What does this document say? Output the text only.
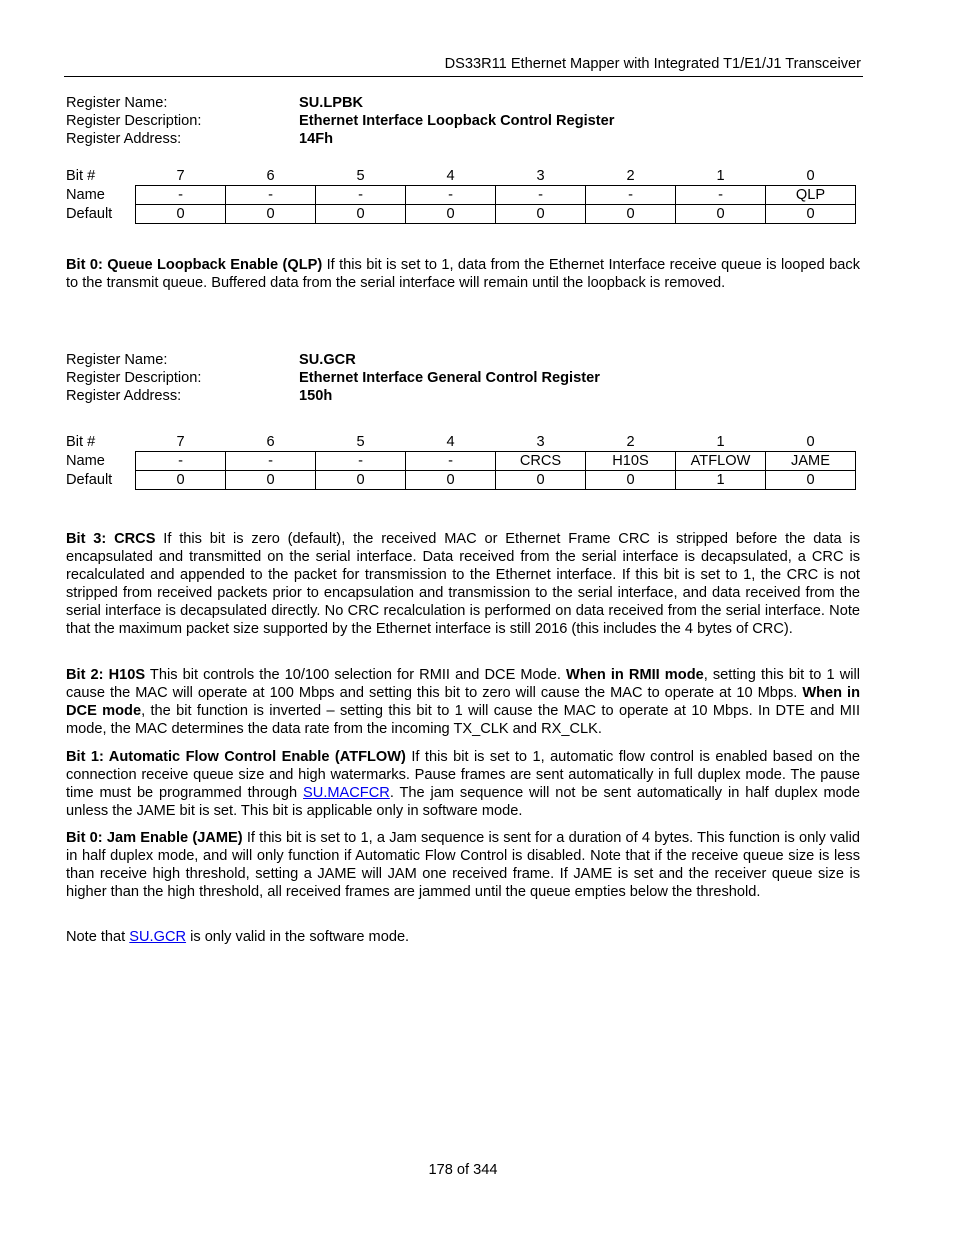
DS33R11 Ethernet Mapper with Integrated T1/E1/J1 Transceiver
Register Name:	SU.LPBK
Register Description:	Ethernet Interface Loopback Control Register
Register Address:	14Fh
Bit #	7	6	5	4	3	2	1	0
Name	-	-	-	-	-	-	-	QLP
Default	0	0	0	0	0	0	0	0
Bit 0: Queue Loopback Enable (QLP) If this bit is set to 1, data from the Ethernet Interface receive queue is looped back to the transmit queue. Buffered data from the serial interface will remain until the loopback is removed.
Register Name:	SU.GCR
Register Description:	Ethernet Interface General Control Register
Register Address:	150h
Bit #	7	6	5	4	3	2	1	0
Name	-	-	-	-	CRCS	H10S	ATFLOW	JAME
Default	0	0	0	0	0	0	1	0
Bit 3: CRCS If this bit is zero (default), the received MAC or Ethernet Frame CRC is stripped before the data is encapsulated and transmitted on the serial interface. Data received from the serial interface is decapsulated, a CRC is recalculated and appended to the packet for transmission to the Ethernet interface. If this bit is set to 1, the CRC is not stripped from received packets prior to encapsulation and transmission to the serial interface, and data received from the serial interface is decapsulated directly. No CRC recalculation is performed on data received from the serial interface. Note that the maximum packet size supported by the Ethernet interface is still 2016 (this includes the 4 bytes of CRC).
Bit 2: H10S This bit controls the 10/100 selection for RMII and DCE Mode. When in RMII mode, setting this bit to 1 will cause the MAC will operate at 100 Mbps and setting this bit to zero will cause the MAC to operate at 10 Mbps. When in DCE mode, the bit function is inverted – setting this bit to 1 will cause the MAC to operate at 10 Mbps. In DTE and MII mode, the MAC determines the data rate from the incoming TX_CLK and RX_CLK.
Bit 1: Automatic Flow Control Enable (ATFLOW) If this bit is set to 1, automatic flow control is enabled based on the connection receive queue size and high watermarks. Pause frames are sent automatically in full duplex mode. The pause time must be programmed through SU.MACFCR. The jam sequence will not be sent automatically in half duplex mode unless the JAME bit is set. This bit is applicable only in software mode.
Bit 0: Jam Enable (JAME) If this bit is set to 1, a Jam sequence is sent for a duration of 4 bytes. This function is only valid in half duplex mode, and will only function if Automatic Flow Control is disabled. Note that if the receive queue size is less than receive high threshold, setting a JAME will JAM one received frame. If JAME is set and the receiver queue size is higher than the high threshold, all received frames are jammed until the queue empties below the threshold.
Note that SU.GCR is only valid in the software mode.
178 of 344
